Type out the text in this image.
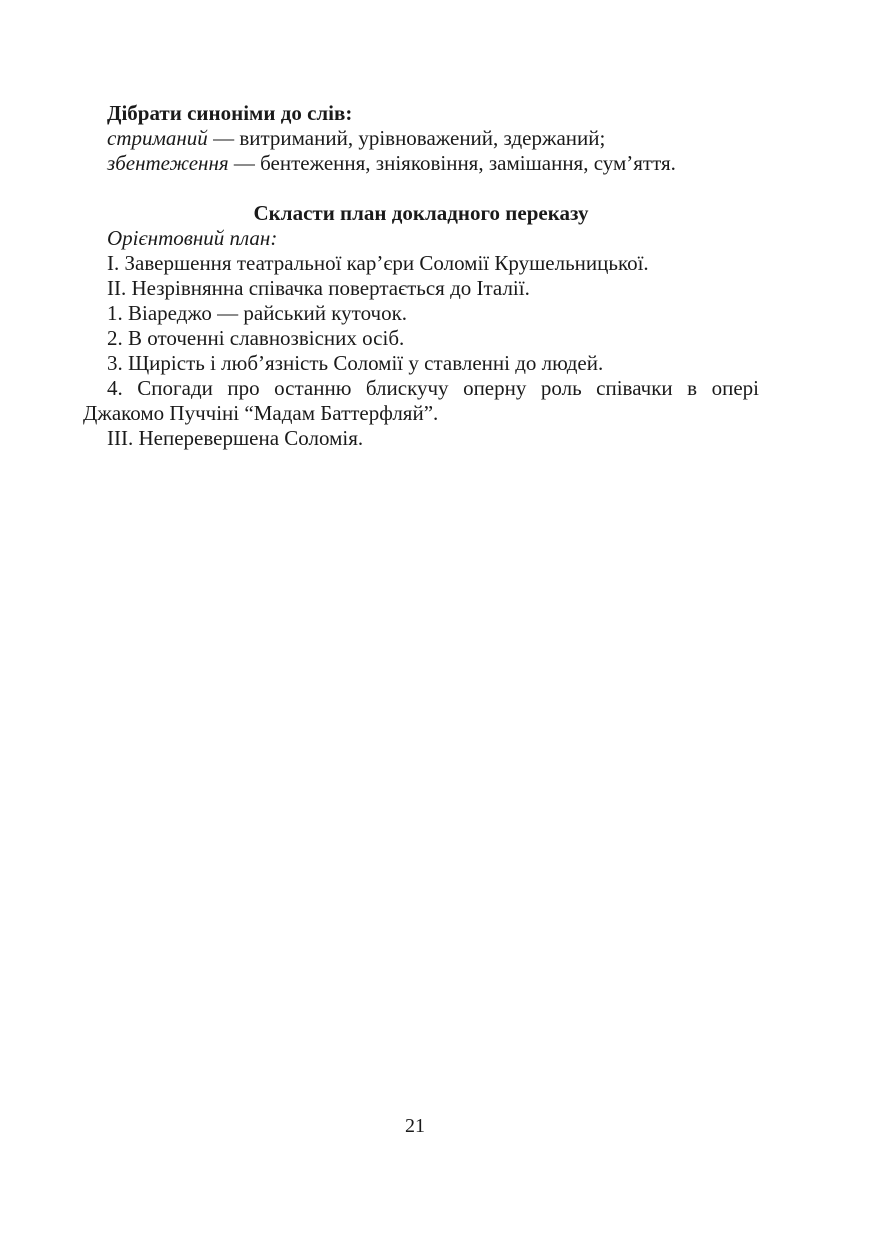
Дібрати синоніми до слів:

стриманий — витриманий, урівноважений, здержаний;

збентеження — бентеження, зніяковіння, замішання, сум’яття.

Скласти план докладного переказу

Орієнтовний план:

I. Завершення театральної кар’єри Соломії Крушельницької.

II. Незрівнянна співачка повертається до Італії.

1. Віареджо — райський куточок.

2. В оточенні славнозвісних осіб.

3. Щирість і люб’язність Соломії у ставленні до людей.

4. Спогади про останню блискучу оперну роль співачки в опері

Джакомо Пуччіні “Мадам Баттерфляй”.

III. Неперевершена Соломія.

21
